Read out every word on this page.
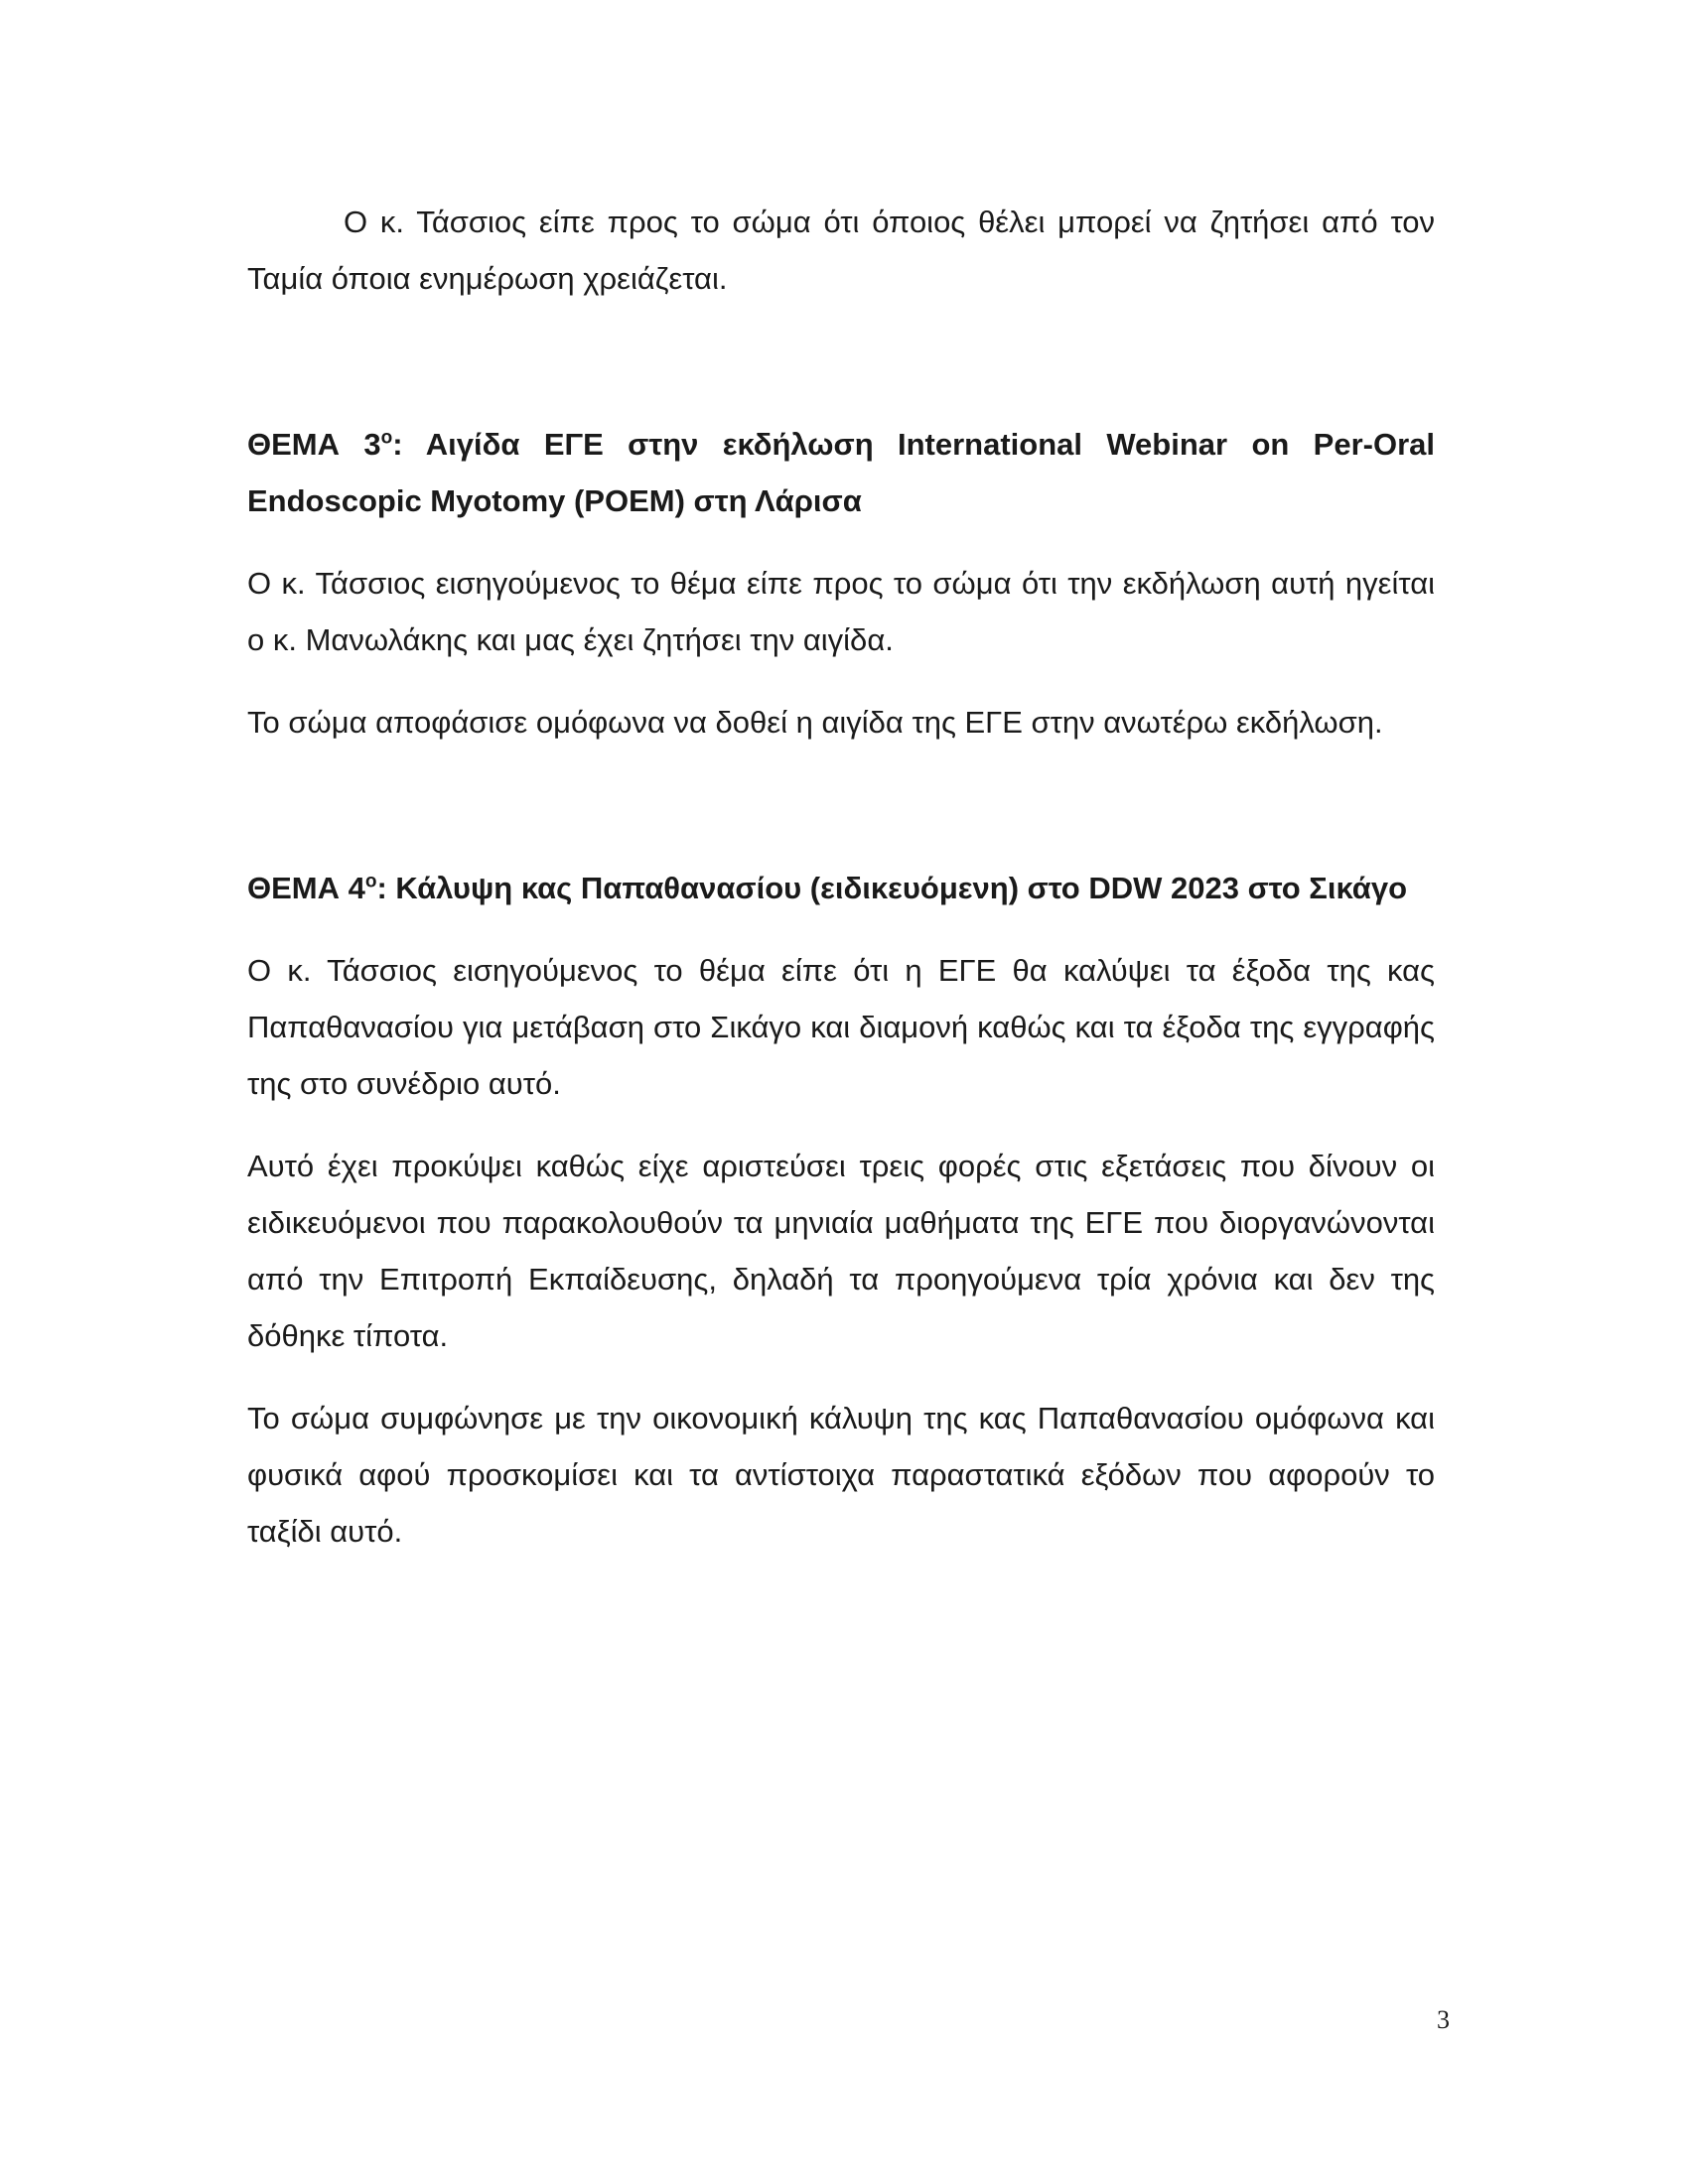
Ο κ. Τάσσιος είπε προς το σώμα ότι όποιος θέλει μπορεί να ζητήσει από τον Ταμία όποια ενημέρωση χρειάζεται.

ΘΕΜΑ $3^o$: Αιγίδα ΕΓΕ στην εκδήλωση International Webinar on Per-Oral Endoscopic Myotomy (POEM) στη Λάρισα

Ο κ. Τάσσιος εισηγούμενος το θέμα είπε προς το σώμα ότι την εκδήλωση αυτή ηγείται ο κ. Μανωλάκης και μας έχει ζητήσει την αιγίδα.

Το σώμα αποφάσισε ομόφωνα να δοθεί η αιγίδα της ΕΓΕ στην ανωτέρω εκδήλωση.

ΘΕΜΑ $4^o$: Κάλυψη κας Παπαθανασίου (ειδικευόμενη) στο DDW 2023 στο Σικάγο

Ο κ. Τάσσιος εισηγούμενος το θέμα είπε ότι η ΕΓΕ θα καλύψει τα έξοδα της κας Παπαθανασίου για μετάβαση στο Σικάγο και διαμονή καθώς και τα έξοδα της εγγραφής της στο συνέδριο αυτό.

Αυτό έχει προκύψει καθώς είχε αριστεύσει τρεις φορές στις εξετάσεις που δίνουν οι ειδικευόμενοι που παρακολουθούν τα μηνιαία μαθήματα της ΕΓΕ που διοργανώνονται από την Επιτροπή Εκπαίδευσης, δηλαδή τα προηγούμενα τρία χρόνια και δεν της δόθηκε τίποτα.

Το σώμα συμφώνησε με την οικονομική κάλυψη της κας Παπαθανασίου ομόφωνα και φυσικά αφού προσκομίσει και τα αντίστοιχα παραστατικά εξόδων που αφορούν το ταξίδι αυτό.

3
